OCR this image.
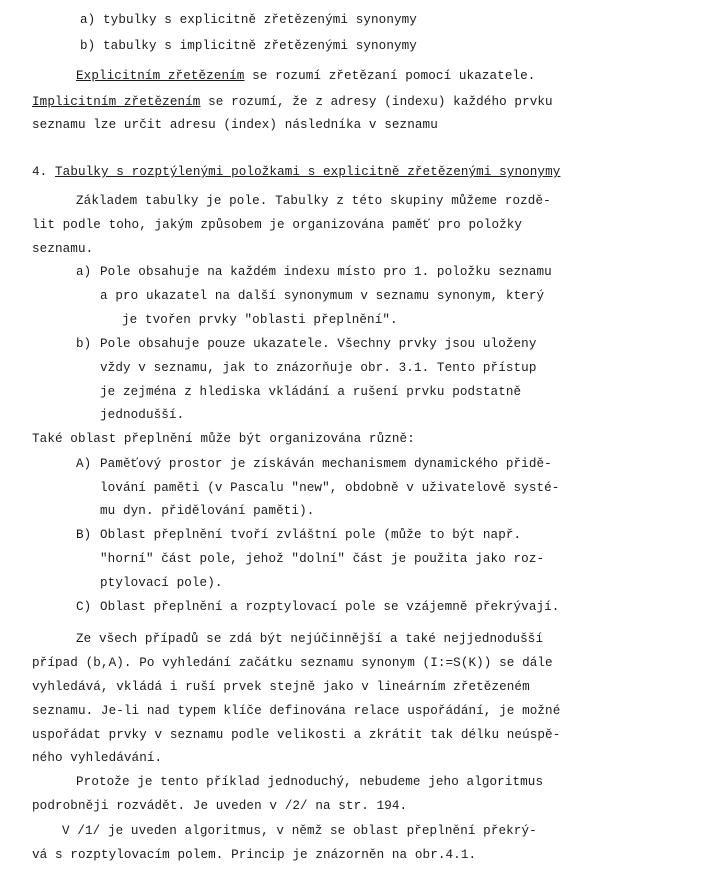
a) tybulky s explicitně zřetězenými synonymy
b) tabulky s implicitně zřetězenými synonymy
Explicitním zřetězením se rozumí zřetězaní pomocí ukazatele.
Implicitním zřetězením se rozumí, že z adresy (indexu) každého prvku
seznamu lze určit adresu (index) následníka v seznamu
4. Tabulky s rozptýlenými položkami s explicitně zřetězenými synonymy
Základem tabulky je pole. Tabulky z této skupiny můžeme rozdě-
lit podle toho, jakým způsobem je organizována paměť pro položky
seznamu.
a) Pole obsahuje na každém indexu místo pro 1. položku seznamu
a pro ukazatel na další synonymum v seznamu synonym, který
je tvořen prvky "oblasti přeplnění".
b) Pole obsahuje pouze ukazatele. Všechny prvky jsou uloženy
vždy v seznamu, jak to znázorňuje obr. 3.1. Tento přístup
je zejména z hlediska vkládání a rušení prvku podstatně
jednodušší.
Také oblast přeplnění může být organizována různě:
A) Paměťový prostor je získáván mechanismem dynamického přidě-
lování paměti (v Pascalu "new", obdobně v uživatelově systé-
mu dyn. přidělování paměti).
B) Oblast přeplnění tvoří zvláštní pole (může to být např.
"horní" část pole, jehož "dolní" část je použita jako roz-
ptylovací pole).
C) Oblast přeplnění a rozptylovací pole se vzájemně překrývají.
Ze všech případů se zdá být nejúčinnější a také nejjednodušší
případ (b,A). Po vyhledání začátku seznamu synonym (I:=S(K)) se dále
vyhledává, vkládá i ruší prvek stejně jako v lineárním zřetězeném
seznamu. Je-li nad typem klíče definována relace uspořádání, je možné
uspořádat prvky v seznamu podle velikosti a zkrátit tak délku neúspě-
ného vyhledávání.
Protože je tento příklad jednoduchý, nebudeme jeho algoritmus
podrobněji rozvádět. Je uveden v /2/ na str. 194.
V /1/ je uveden algoritmus, v němž se oblast přeplnění překrý-
vá s rozptylovacím polem. Princip je znázorněn na obr.4.1.
